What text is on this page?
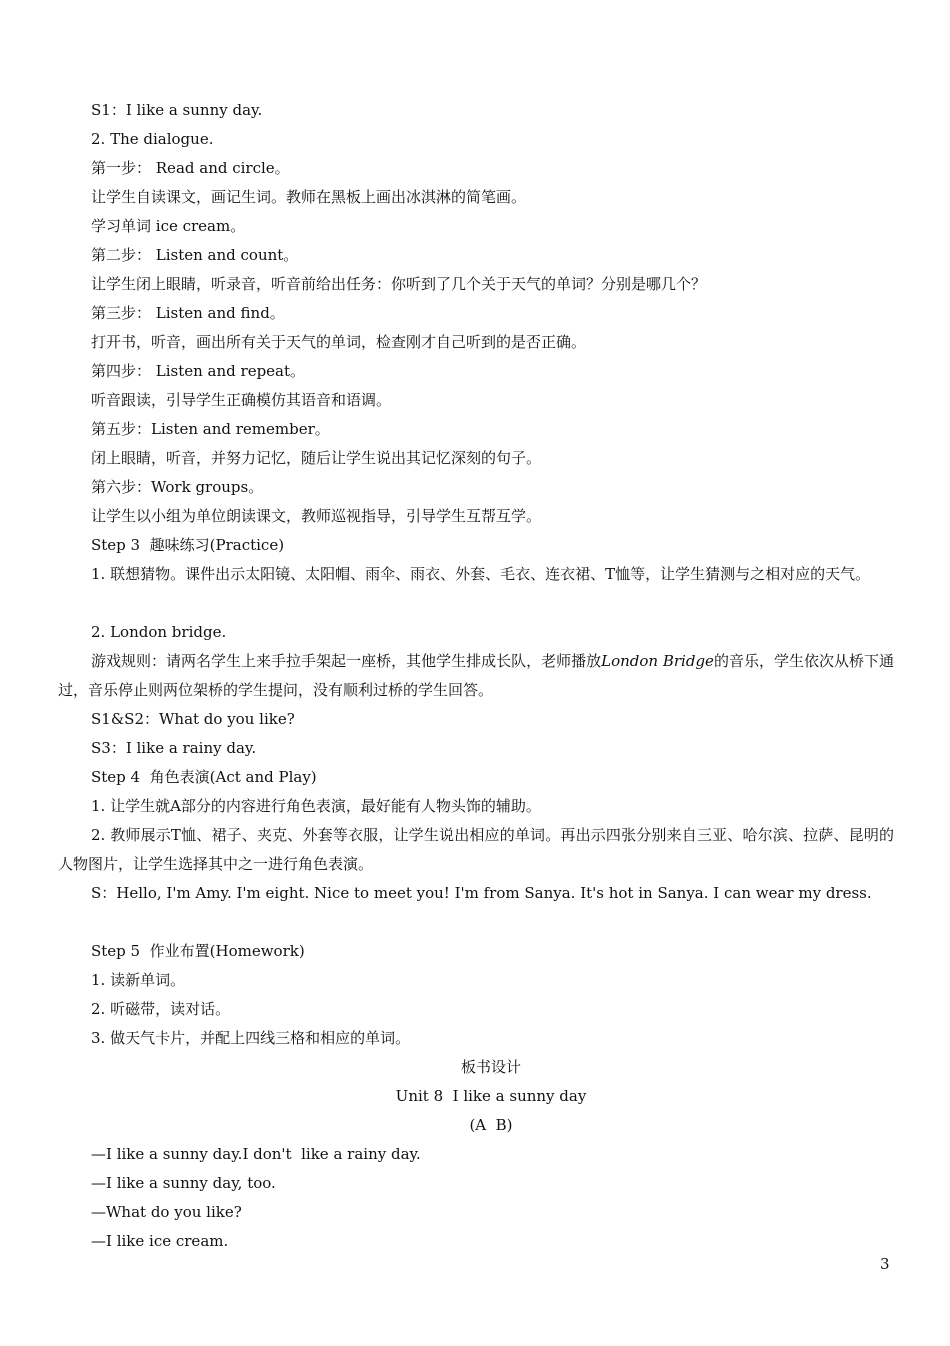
S1：I like a sunny day.
2. The dialogue.
第一步： Read and circle。
让学生自读课文，画记生词。教师在黑板上画出冰淇淋的简笔画。
学习单词 ice cream。
第二步： Listen and count。
让学生闭上眼睛，听录音，听音前给出任务：你听到了几个关于天气的单词？分别是哪几个？
第三步： Listen and find。
打开书，听音，画出所有关于天气的单词，检查刚才自己听到的是否正确。
第四步： Listen and repeat。
听音跟读，引导学生正确模仿其语音和语调。
第五步：Listen and remember。
闭上眼睛，听音，并努力记忆，随后让学生说出其记忆深刻的句子。
第六步：Work groups。
让学生以小组为单位朗读课文，教师巡视指导，引导学生互帮互学。
Step 3  趣味练习(Practice)
1. 联想猜物。课件出示太阳镜、太阳帽、雨伞、雨衣、外套、毛衣、连衣裙、T恤等，让学生猜测与之相对应的天气。
2. London bridge.
游戏规则：请两名学生上来手拉手架起一座桥，其他学生排成长队，老师播放London Bridge的音乐，学生依次从桥下通过，音乐停止则两位架桥的学生提问，没有顺利过桥的学生回答。
S1&S2：What do you like?
S3：I like a rainy day.
Step 4  角色表演(Act and Play)
1. 让学生就A部分的内容进行角色表演，最好能有人物头饰的辅助。
2. 教师展示T恤、裙子、夹克、外套等衣服，让学生说出相应的单词。再出示四张分别来自三亚、哈尔滨、拉萨、昆明的人物图片，让学生选择其中之一进行角色表演。
S：Hello, I'm Amy. I'm eight. Nice to meet you! I'm from Sanya. It's hot in Sanya. I can wear my dress.
Step 5  作业布置(Homework)
1. 读新单词。
2. 听磁带，读对话。
3. 做天气卡片，并配上四线三格和相应的单词。
板书设计
Unit 8  I like a sunny day
(A  B)
—I like a sunny day.I don't  like a rainy day.
—I like a sunny day, too.
—What do you like?
—I like ice cream.
3
